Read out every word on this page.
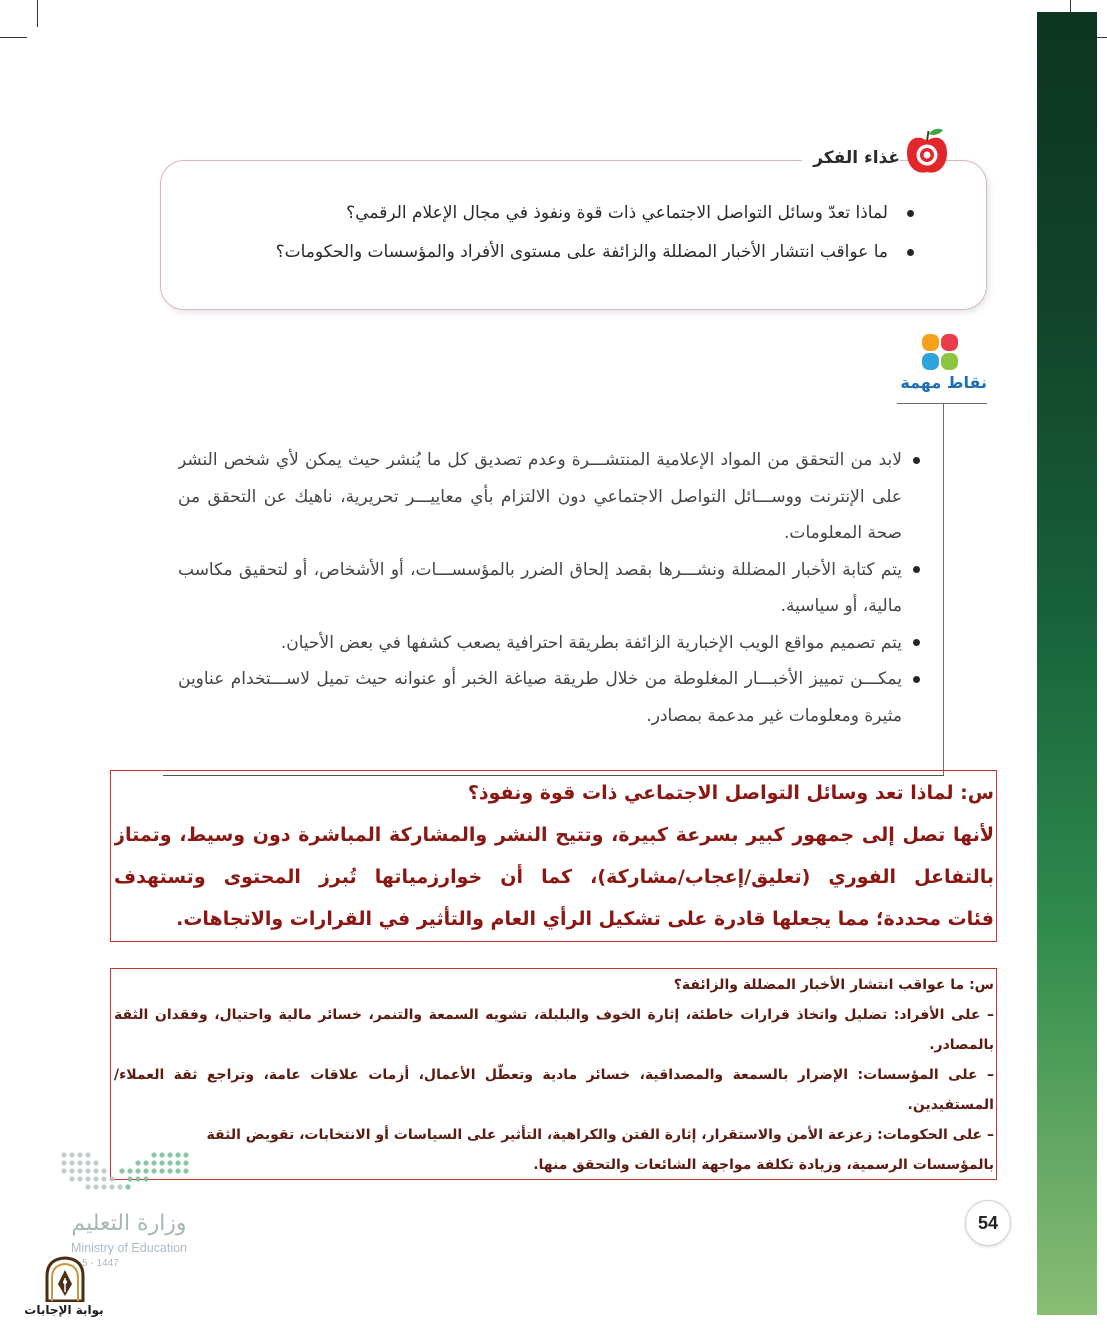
غذاء الفكر
لماذا تعدّ وسائل التواصل الاجتماعي ذات قوة ونفوذ في مجال الإعلام الرقمي؟
ما عواقب انتشار الأخبار المضللة والزائفة على مستوى الأفراد والمؤسسات والحكومات؟
نقاط مهمة
لابد من التحقق من المواد الإعلامية المنتشـــرة وعدم تصديق كل ما يُنشر حيث يمكن لأي شخص النشر
على الإنترنت ووســـائل التواصل الاجتماعي دون الالتزام بأي معاييـــر تحريرية، ناهيك عن التحقق من
صحة المعلومات.
يتم كتابة الأخبار المضللة ونشـــرها بقصد إلحاق الضرر بالمؤسســـات، أو الأشخاص، أو لتحقيق مكاسب
مالية، أو سياسية.
يتم تصميم مواقع الويب الإخبارية الزائفة بطريقة احترافية يصعب كشفها في بعض الأحيان.
يمكـــن تمييز الأخبـــار المغلوطة من خلال طريقة صياغة الخبر أو عنوانه حيث تميل لاســـتخدام عناوين
مثيرة ومعلومات غير مدعمة بمصادر.
س: لماذا تعد وسائل التواصل الاجتماعي ذات قوة ونفوذ؟
لأنها تصل إلى جمهور كبير بسرعة كبيرة، وتتيح النشر والمشاركة المباشرة دون وسيط، وتمتاز
بالتفاعل الفوري (تعليق/إعجاب/مشاركة)، كما أن خوارزمياتها تُبرز المحتوى وتستهدف
فئات محددة؛ مما يجعلها قادرة على تشكيل الرأي العام والتأثير في القرارات والاتجاهات.
س: ما عواقب انتشار الأخبار المضللة والزائفة؟
– على الأفراد: تضليل واتخاذ قرارات خاطئة، إثارة الخوف والبلبلة، تشويه السمعة والتنمر، خسائر مالية واحتيال، وفقدان الثقة
بالمصادر.
– على المؤسسات: الإضرار بالسمعة والمصداقية، خسائر مادية وتعطّل الأعمال، أزمات علاقات عامة، وتراجع ثقة العملاء/
المستفيدين.
– على الحكومات: زعزعة الأمن والاستقرار، إثارة الفتن والكراهية، التأثير على السياسات أو الانتخابات، تقويض الثقة
بالمؤسسات الرسمية، وزيادة تكلفة مواجهة الشائعات والتحقق منها.
54
وزارة التعليم
Ministry of Education
5 - 1447
بوابة الإجابات
